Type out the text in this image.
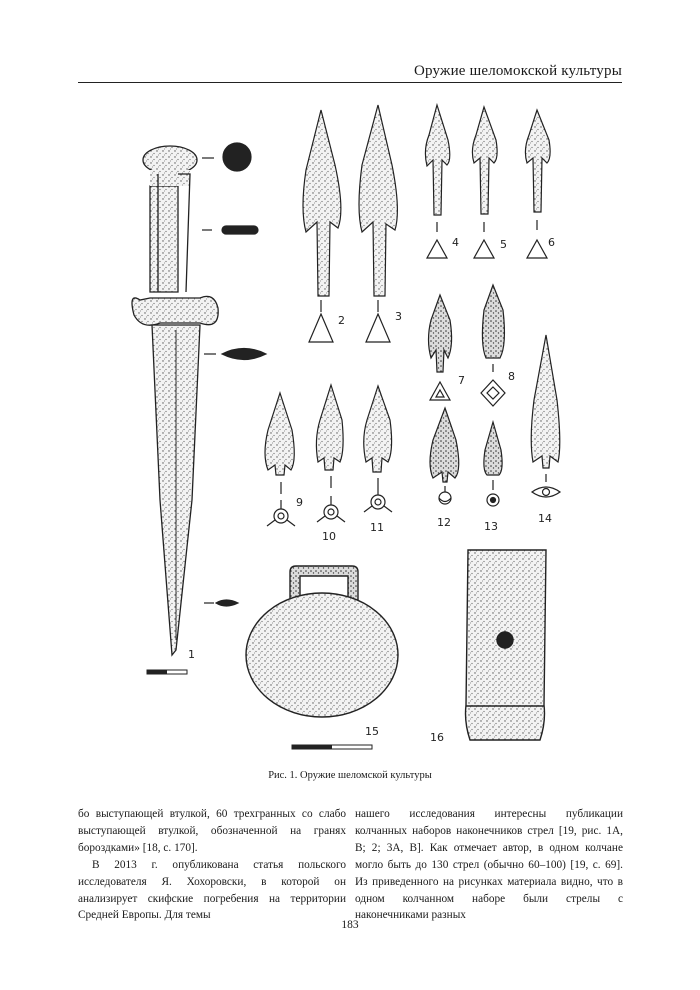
Оружие шеломокской культуры
1
2	3
4	5	6
7	8
9
10
11	12	13
14
15	16
Рис. 1. Оружие шеломской культуры

бо выступающей втулкой, 60 трехгранных со слабо выступающей втулкой, обозначенной на гранях бороздками» [18, с. 170].

В 2013 г. опубликована статья польского исследователя Я. Хохоровски, в которой он анализирует скифские погребения на территории Средней Европы. Для темы

нашего исследования интересны публикации колчанных наборов наконечников стрел [19, рис. 1А, В; 2; 3А, В]. Как отмечает автор, в одном колчане могло быть до 130 стрел (обычно 60–100) [19, с. 69]. Из приведенного на рисунках материала видно, что в одном колчанном наборе были стрелы с наконечниками разных

183
